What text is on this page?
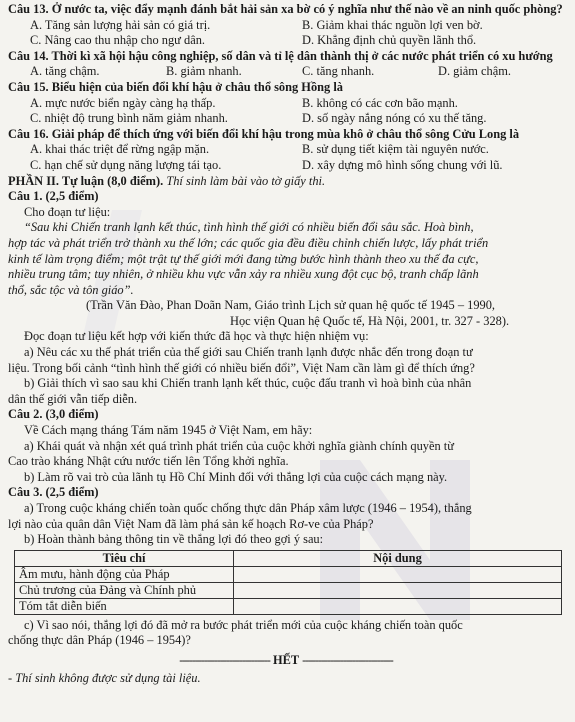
Câu 13. Ở nước ta, việc đẩy mạnh đánh bắt hải sản xa bờ có ý nghĩa như thế nào về an ninh quốc phòng?
A. Tăng sản lượng hải sản có giá trị.	B. Giảm khai thác nguồn lợi ven bờ.
C. Nâng cao thu nhập cho ngư dân.	D. Khẳng định chủ quyền lãnh thổ.
Câu 14. Thời kì xã hội hậu công nghiệp, số dân và tỉ lệ dân thành thị ở các nước phát triển có xu hướng
A. tăng chậm.	B. giảm nhanh.	C. tăng nhanh.	D. giảm chậm.
Câu 15. Biểu hiện của biến đổi khí hậu ở châu thổ sông Hồng là
A. mực nước biển ngày càng hạ thấp.	B. không có các cơn bão mạnh.
C. nhiệt độ trung bình năm giảm nhanh.	D. số ngày nắng nóng có xu thế tăng.
Câu 16. Giải pháp để thích ứng với biến đổi khí hậu trong mùa khô ở châu thổ sông Cửu Long là
A. khai thác triệt để rừng ngập mặn.	B. sử dụng tiết kiệm tài nguyên nước.
C. hạn chế sử dụng năng lượng tái tạo.	D. xây dựng mô hình sống chung với lũ.
PHẦN II. Tự luận (8,0 điểm). Thí sinh làm bài vào tờ giấy thi.
Câu 1. (2,5 điểm)
Cho đoạn tư liệu:
“Sau khi Chiến tranh lạnh kết thúc, tình hình thế giới có nhiều biến đổi sâu sắc. Hoà bình,
hợp tác và phát triển trở thành xu thế lớn; các quốc gia đều điều chỉnh chiến lược, lấy phát triển
kinh tế làm trọng điểm; một trật tự thế giới mới đang từng bước hình thành theo xu thế đa cực,
nhiều trung tâm; tuy nhiên, ở nhiều khu vực vẫn xảy ra nhiều xung đột cục bộ, tranh chấp lãnh
thổ, sắc tộc và tôn giáo”.
(Trần Văn Đào, Phan Doãn Nam, Giáo trình Lịch sử quan hệ quốc tế 1945 – 1990,
Học viện Quan hệ Quốc tế, Hà Nội, 2001, tr. 327 - 328).
Đọc đoạn tư liệu kết hợp với kiến thức đã học và thực hiện nhiệm vụ:
a) Nêu các xu thế phát triển của thế giới sau Chiến tranh lạnh được nhắc đến trong đoạn tư
liệu. Trong bối cảnh “tình hình thế giới có nhiều biến đổi”, Việt Nam cần làm gì để thích ứng?
b) Giải thích vì sao sau khi Chiến tranh lạnh kết thúc, cuộc đấu tranh vì hoà bình của nhân
dân thế giới vẫn tiếp diễn.
Câu 2. (3,0 điểm)
Về Cách mạng tháng Tám năm 1945 ở Việt Nam, em hãy:
a) Khái quát và nhận xét quá trình phát triển của cuộc khởi nghĩa giành chính quyền từ
Cao trào kháng Nhật cứu nước tiến lên Tổng khởi nghĩa.
b) Làm rõ vai trò của lãnh tụ Hồ Chí Minh đối với thắng lợi của cuộc cách mạng này.
Câu 3. (2,5 điểm)
a) Trong cuộc kháng chiến toàn quốc chống thực dân Pháp xâm lược (1946 – 1954), thắng
lợi nào của quân dân Việt Nam đã làm phá sản kế hoạch Rơ-ve của Pháp?
b) Hoàn thành bảng thông tin về thắng lợi đó theo gợi ý sau:
Tiêu chí	Nội dung
Âm mưu, hành động của Pháp	
Chủ trương của Đảng và Chính phủ	
Tóm tắt diễn biến	
c) Vì sao nói, thắng lợi đó đã mở ra bước phát triển mới của cuộc kháng chiến toàn quốc
chống thực dân Pháp (1946 – 1954)?
----------------------------- HẾT -----------------------------
- Thí sinh không được sử dụng tài liệu.
